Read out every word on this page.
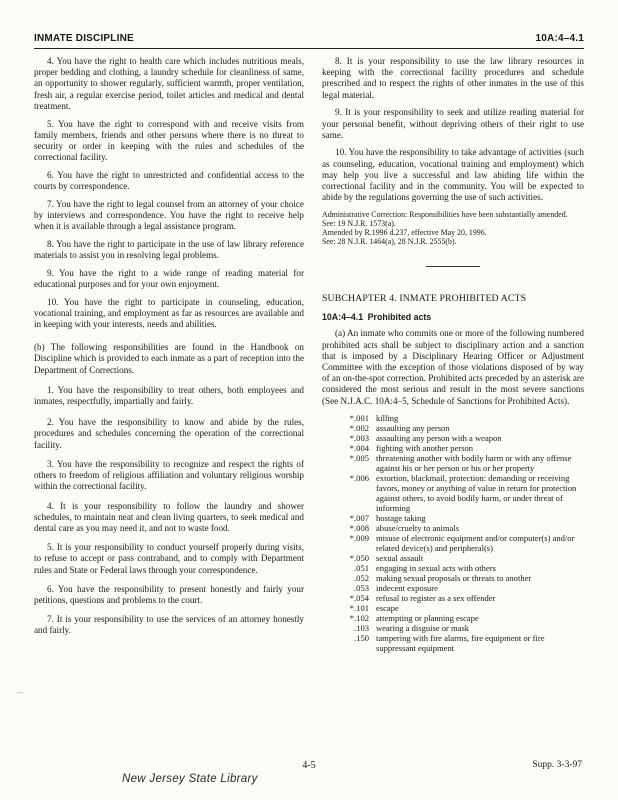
INMATE DISCIPLINE	10A:4–4.1

4. You have the right to health care which includes nutritious meals, proper bedding and clothing, a laundry schedule for cleanliness of same, an opportunity to shower regularly, sufficient warmth, proper ventilation, fresh air, a regular exercise period, toilet articles and medical and dental treatment.

5. You have the right to correspond with and receive visits from family members, friends and other persons where there is no threat to security or order in keeping with the rules and schedules of the correctional facility.

6. You have the right to unrestricted and confidential access to the courts by correspondence.

7. You have the right to legal counsel from an attorney of your choice by interviews and correspondence. You have the right to receive help when it is available through a legal assistance program.

8. You have the right to participate in the use of law library reference materials to assist you in resolving legal problems.

9. You have the right to a wide range of reading material for educational purposes and for your own enjoyment.

10. You have the right to participate in counseling, education, vocational training, and employment as far as resources are available and in keeping with your interests, needs and abilities.

(b) The following responsibilities are found in the Handbook on Discipline which is provided to each inmate as a part of reception into the Department of Corrections.

1. You have the responsibility to treat others, both employees and inmates, respectfully, impartially and fairly.

2. You have the responsibility to know and abide by the rules, procedures and schedules concerning the operation of the correctional facility.

3. You have the responsibility to recognize and respect the rights of others to freedom of religious affiliation and voluntary religious worship within the correctional facility.

4. It is your responsibility to follow the laundry and shower schedules, to maintain neat and clean living quarters, to seek medical and dental care as you may need it, and not to waste food.

5. It is your responsibility to conduct yourself properly during visits, to refuse to accept or pass contraband, and to comply with Department rules and State or Federal laws through your correspondence.

6. You have the responsibility to present honestly and fairly your petitions, questions and problems to the court.

7. It is your responsibility to use the services of an attorney honestly and fairly.

8. It is your responsibility to use the law library resources in keeping with the correctional facility procedures and schedule prescribed and to respect the rights of other inmates in the use of this legal material.

9. It is your responsibility to seek and utilize reading material for your personal benefit, without depriving others of their right to use same.

10. You have the responsibility to take advantage of activities (such as counseling, education, vocational training and employment) which may help you live a successful and law abiding life within the correctional facility and in the community. You will be expected to abide by the regulations governing the use of such activities.

Administrative Correction: Responsibilities have been substantially amended.
See: 19 N.J.R. 1573(a).
Amended by R.1996 d.237, effective May 20, 1996.
See: 28 N.J.R. 1464(a), 28 N.J.R. 2555(b).

SUBCHAPTER 4. INMATE PROHIBITED ACTS

10A:4–4.1 Prohibited acts

(a) An inmate who commits one or more of the following numbered prohibited acts shall be subject to disciplinary action and a sanction that is imposed by a Disciplinary Hearing Officer or Adjustment Committee with the exception of those violations disposed of by way of an on-the-spot correction. Prohibited acts preceded by an asterisk are considered the most serious and result in the most severe sanctions (See N.J.A.C. 10A:4–5, Schedule of Sanctions for Prohibited Acts).

*.001 killing
*.002 assaulting any person
*.003 assaulting any person with a weapon
*.004 fighting with another person
*.005 threatening another with bodily harm or with any offense against his or her person or his or her property
*.006 extortion, blackmail, protection: demanding or receiving favors, money or anything of value in return for protection against others, to avoid bodily harm, or under threat of informing
*.007 hostage taking
*.008 abuse/cruelty to animals
*.009 misuse of electronic equipment and/or computer(s) and/or related device(s) and peripheral(s)
*.050 sexual assault
.051 engaging in sexual acts with others
.052 making sexual proposals or threats to another
.053 indecent exposure
*.054 refusal to register as a sex offender
*.101 escape
*.102 attempting or planning escape
.103 wearing a disguise or mask
.150 tampering with fire alarms, fire equipment or fire suppressant equipment
4-5	Supp. 3-3-97
New Jersey State Library
⌒
